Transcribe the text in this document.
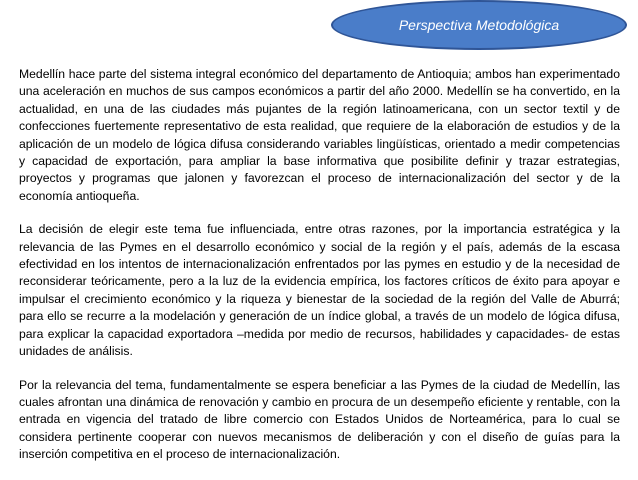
Perspectiva Metodológica

Medellín hace parte del sistema integral económico del departamento de Antioquia; ambos han experimentado una aceleración en muchos de sus campos económicos a partir del año 2000. Medellín se ha convertido, en la actualidad, en una de las ciudades más pujantes de la región latinoamericana, con un sector textil y de confecciones fuertemente representativo de esta realidad, que requiere de la elaboración de estudios y de la aplicación de un modelo de lógica difusa considerando variables lingüísticas, orientado a medir competencias y capacidad de exportación, para ampliar la base informativa que posibilite definir y trazar estrategias, proyectos y programas que jalonen y favorezcan el proceso de internacionalización del sector y de la economía antioqueña.

La decisión de elegir este tema fue influenciada, entre otras razones, por la importancia estratégica y la relevancia de las Pymes en el desarrollo económico y social de la región y el país, además de la escasa efectividad en los intentos de internacionalización enfrentados por las pymes en estudio y de la necesidad de reconsiderar teóricamente, pero a la luz de la evidencia empírica, los factores críticos de éxito para apoyar e impulsar el crecimiento económico y la riqueza y bienestar de la sociedad de la región del Valle de Aburrá; para ello se recurre a la modelación y generación de un índice global, a través de un modelo de lógica difusa, para explicar la capacidad exportadora –medida por medio de recursos, habilidades y capacidades- de estas unidades de análisis.

Por la relevancia del tema, fundamentalmente se espera beneficiar a las Pymes de la ciudad de Medellín, las cuales afrontan una dinámica de renovación y cambio en procura de un desempeño eficiente y rentable, con la entrada en vigencia del tratado de libre comercio con Estados Unidos de Norteamérica, para lo cual se considera pertinente cooperar con nuevos mecanismos de deliberación y con el diseño de guías para la inserción competitiva en el proceso de internacionalización.
